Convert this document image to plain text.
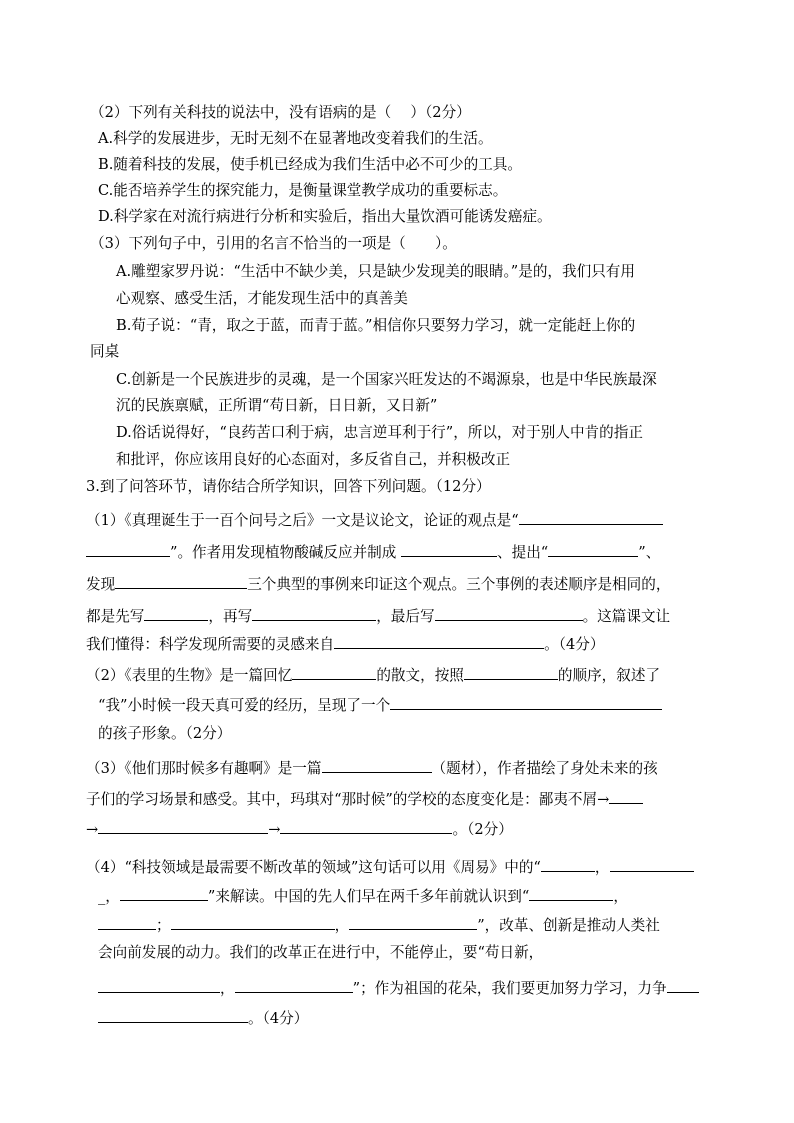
（2）下列有关科技的说法中，没有语病的是（　 ）（2分）
A.科学的发展进步，无时无刻不在显著地改变着我们的生活。
B.随着科技的发展，使手机已经成为我们生活中必不可少的工具。
C.能否培养学生的探究能力，是衡量课堂教学成功的重要标志。
D.科学家在对流行病进行分析和实验后，指出大量饮酒可能诱发癌症。
（3）下列句子中，引用的名言不恰当的一项是（　　）。
A.雕塑家罗丹说：“生活中不缺少美，只是缺少发现美的眼睛。”是的，我们只有用
心观察、感受生活，才能发现生活中的真善美
B.荀子说：“青，取之于蓝，而青于蓝。”相信你只要努力学习，就一定能赶上你的
同桌
C.创新是一个民族进步的灵魂，是一个国家兴旺发达的不竭源泉，也是中华民族最深
沉的民族禀赋，正所谓“苟日新，日日新，又日新”
D.俗话说得好，“良药苦口利于病，忠言逆耳利于行”，所以，对于别人中肯的指正
和批评，你应该用良好的心态面对，多反省自己，并积极改正
3.到了问答环节，请你结合所学知识，回答下列问题。（12分）
（1）《真理诞生于一百个问号之后》一文是议论文，论证的观点是“
”。作者用发现植物酸碱反应并制成	、提出“	”、
发现	三个典型的事例来印证这个观点。三个事例的表述顺序是相同的，
都是先写	，再写	，最后写	。这篇课文让
我们懂得：科学发现所需要的灵感来自	。（4分）
（2）《表里的生物》是一篇回忆	的散文，按照	的顺序，叙述了
“我”小时候一段天真可爱的经历，呈现了一个
的孩子形象。（2分）
（3）《他们那时候多有趣啊》是一篇	（题材），作者描绘了身处未来的孩
子们的学习场景和感受。其中，玛琪对“那时候”的学校的态度变化是：鄙夷不屑→
→	→	。（2分）
（4）“科技领域是最需要不断改革的领域”这句话可以用《周易》中的“	，
_，	”来解读。中国的先人们早在两千多年前就认识到“	，
；	，	”，改革、创新是推动人类社
会向前发展的动力。我们的改革正在进行中，不能停止，要“苟日新，
，	”；作为祖国的花朵，我们要更加努力学习，力争
。（4分）
